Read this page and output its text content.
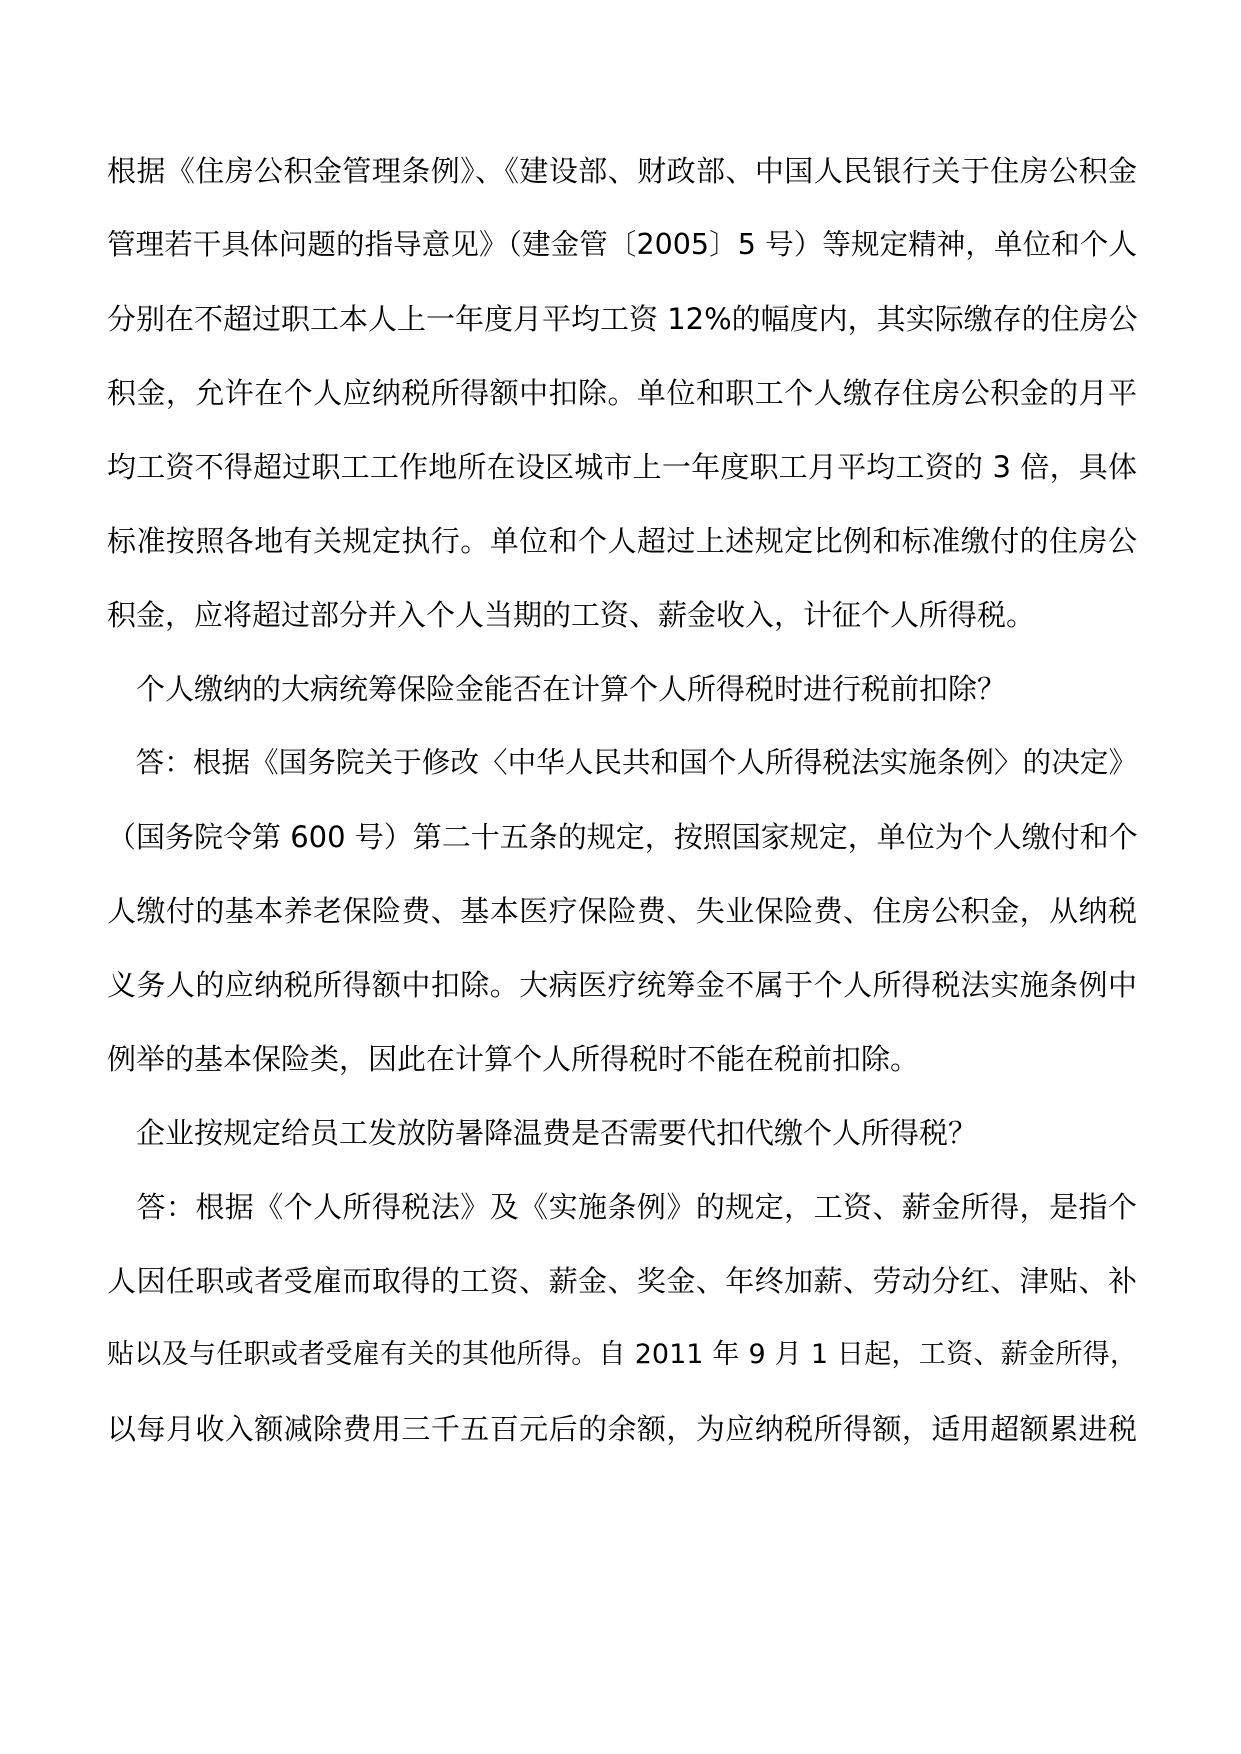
根据《住房公积金管理条例》、《建设部、财政部、中国人民银行关于住房公积金
管理若干具体问题的指导意见》（建金管〔2005〕5 号）等规定精神，单位和个人
分别在不超过职工本人上一年度月平均工资 12%的幅度内，其实际缴存的住房公
积金，允许在个人应纳税所得额中扣除。单位和职工个人缴存住房公积金的月平
均工资不得超过职工工作地所在设区城市上一年度职工月平均工资的 3 倍，具体
标准按照各地有关规定执行。单位和个人超过上述规定比例和标准缴付的住房公
积金，应将超过部分并入个人当期的工资、薪金收入，计征个人所得税。
　个人缴纳的大病统筹保险金能否在计算个人所得税时进行税前扣除？
　答：根据《国务院关于修改〈中华人民共和国个人所得税法实施条例〉的决定》
（国务院令第 600 号）第二十五条的规定，按照国家规定，单位为个人缴付和个
人缴付的基本养老保险费、基本医疗保险费、失业保险费、住房公积金，从纳税
义务人的应纳税所得额中扣除。大病医疗统筹金不属于个人所得税法实施条例中
例举的基本保险类，因此在计算个人所得税时不能在税前扣除。
　企业按规定给员工发放防暑降温费是否需要代扣代缴个人所得税？
　答：根据《个人所得税法》及《实施条例》的规定，工资、薪金所得，是指个
人因任职或者受雇而取得的工资、薪金、奖金、年终加薪、劳动分红、津贴、补
贴以及与任职或者受雇有关的其他所得。自 2011 年 9 月 1 日起，工资、薪金所得，
以每月收入额减除费用三千五百元后的余额，为应纳税所得额，适用超额累进税
